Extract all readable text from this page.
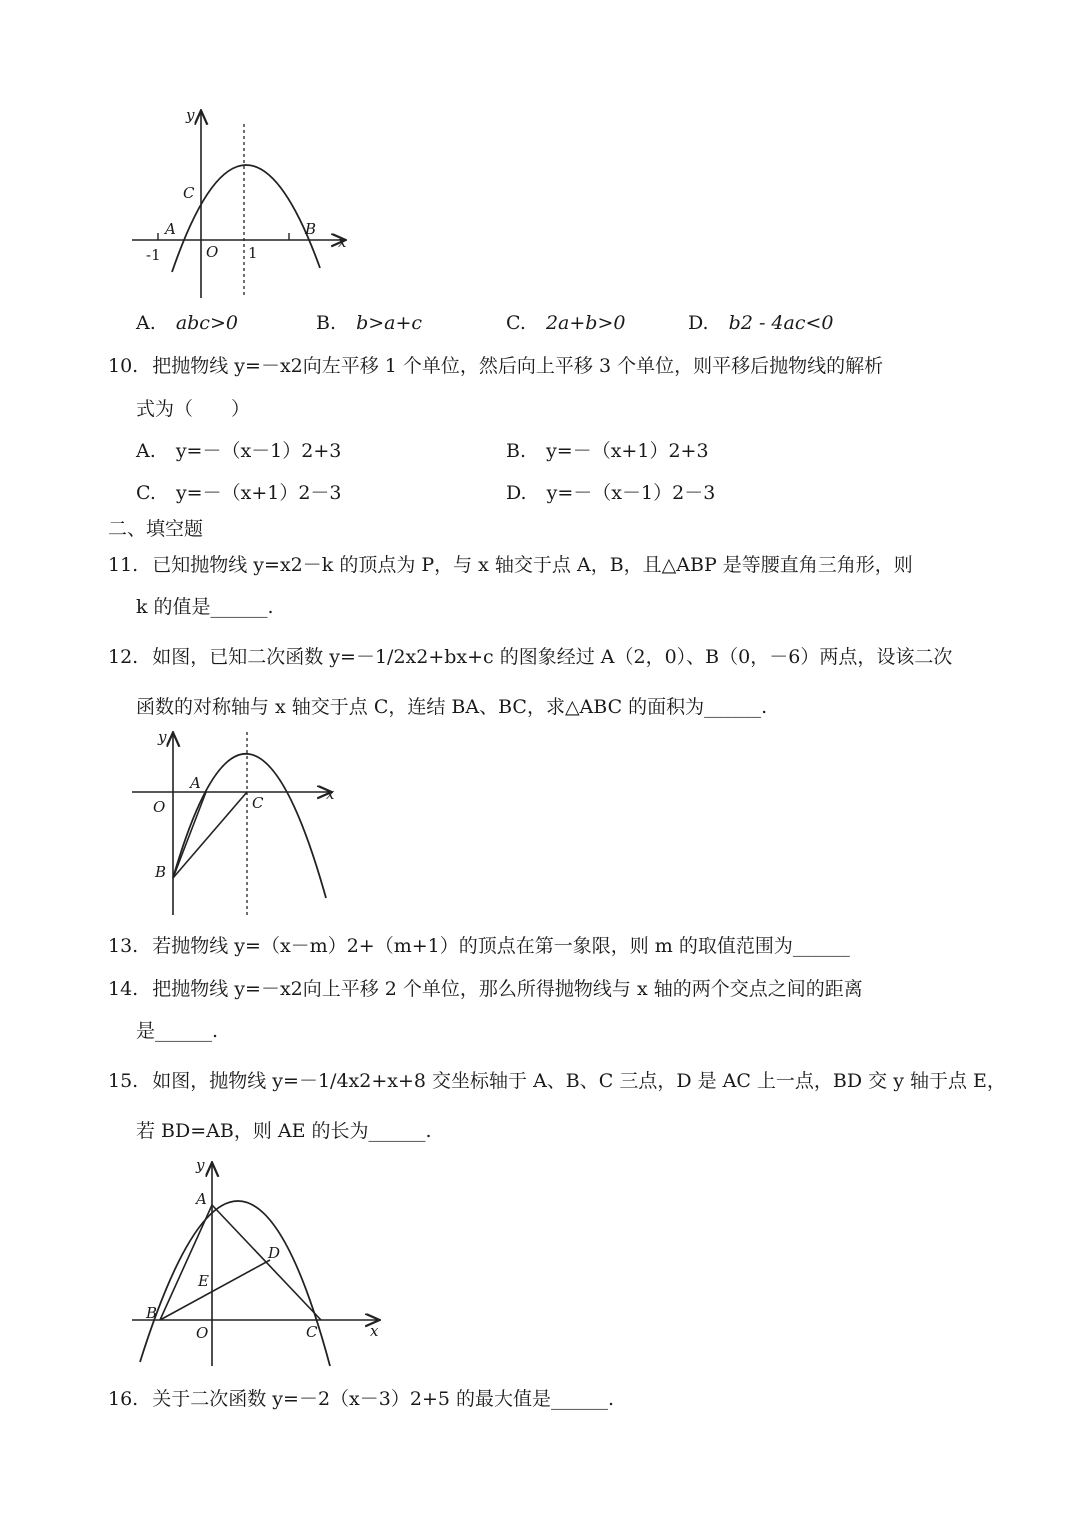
y
x
C
A	B
O
-1	1
A. abc>0	B. b>a+c	C. 2a+b>0	D. b2 - 4ac<0
10. 把抛物线 y=－x2向左平移 1 个单位，然后向上平移 3 个单位，则平移后抛物线的解析
式为（　　）
A. y=－（x－1）2+3	B. y=－（x+1）2+3
C. y=－（x+1）2－3	D. y=－（x－1）2－3
二、填空题
11. 已知抛物线 y=x2－k 的顶点为 P，与 x 轴交于点 A，B，且△ABP 是等腰直角三角形，则
k 的值是______.
12. 如图，已知二次函数 y=－1/2x2+bx+c 的图象经过 A（2，0）、B（0，－6）两点，设该二次
函数的对称轴与 x 轴交于点 C，连结 BA、BC，求△ABC 的面积为______.
y
x
A
B
C
O
13. 若抛物线 y=（x－m）2+（m+1）的顶点在第一象限，则 m 的取值范围为______
14. 把抛物线 y=－x2向上平移 2 个单位，那么所得抛物线与 x 轴的两个交点之间的距离
是______.
15. 如图，抛物线 y=－1/4x2+x+8 交坐标轴于 A、B、C 三点，D 是 AC 上一点，BD 交 y 轴于点 E，
若 BD=AB，则 AE 的长为______.
y
x
A
B
C
D
E
O
16. 关于二次函数 y=－2（x－3）2+5 的最大值是______.
